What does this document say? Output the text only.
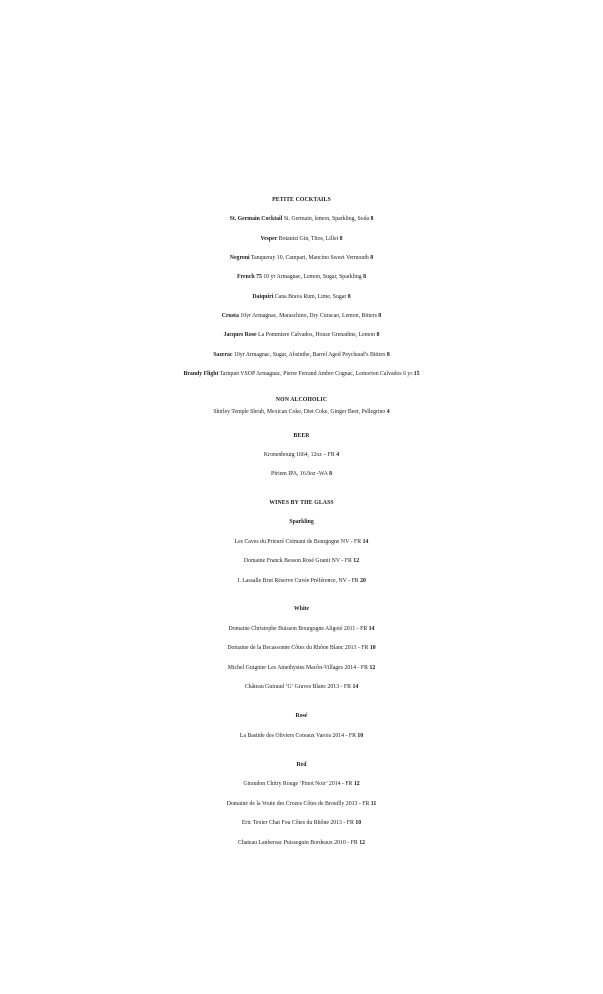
PETITE COCKTAILS
St. Germain Cocktail St. Germain, lemon, Sparkling, Soda 8
Vesper Botanist Gin, Titos, Lillet 8
Negroni Tanqueray 10, Campari, Mancino Sweet Vermouth 8
French 75 10 yr Armagnac, Lemon, Sugar, Sparkling 8
Daiquiri Cana Brava Rum, Lime, Sugar 8
Crusta 10yr Armagnac, Maraschino, Dry Curacao, Lemon, Bitters 8
Jacques Rose La Pommiere Calvados, House Grenadine, Lemon 8
Sazerac 10yr Armagnac, Sugar, Absinthe, Barrel Aged Peychaud’s Bitters 8
Brandy Flight Tariquet VSOP Armagnac, Pierre Ferrand Ambre Cognac, Lemorton Calvados 6 yr 15
NON ALCOHOLIC
Shirley Temple Shrub, Mexican Coke, Diet Coke, Ginger Beer, Pellegrino 4
BEER
Kronenbourg 1664, 12oz – FR 4
Pfriem IPA, 16.9oz -WA 8
WINES BY THE GLASS
Sparkling
Les Caves du Prieuré Crémant de Bourgogne NV - FR 14
Domaine Franck Besson Rosé Granit NV - FR 12
J. Lassalle Brut Réserve Cuvée Préférence, NV - FR 20
White
Domaine Christophe Buisson Bourgogne Aligoté 2011 - FR 14
Domaine de la Becassonne Côtes du Rhône Blanc 2013 - FR 10
Michel Guignier Les Amethystes Macôn-Villages 2014 - FR 12
Château Guiraud ’G’ Graves Blanc 2013 - FR 14
Rosé
La Bastide des Oliviers Coteaux Varois 2014 - FR 10
Red
Giraudon Chitry Rouge ’Pinot Noir’ 2014 - FR 12
Domaine de la Voute des Crozes Côtes de Brouilly 2013 - FR 11
Eric Texier Chat Fou Côtes du Rhône 2013 - FR 10
Chateau Lanbersac Puisseguin Bordeaux 2010 - FR 12
